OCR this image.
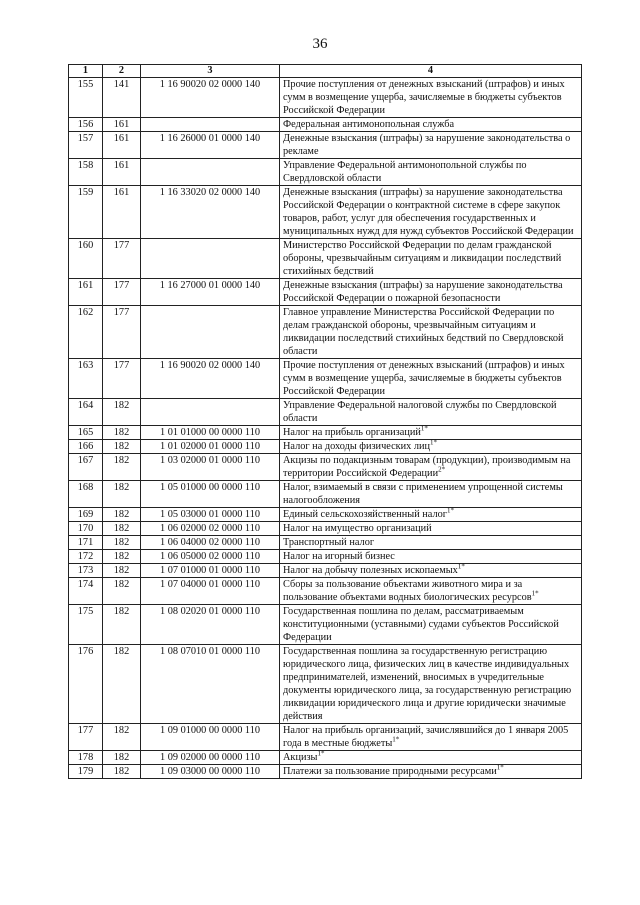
36
1	2	3	4
155	141	1 16 90020 02 0000 140	Прочие поступления от денежных взысканий (штрафов) и иных сумм в возмещение ущерба, зачисляемые в бюджеты субъектов Российской Федерации
156	161		Федеральная антимонопольная служба
157	161	1 16 26000 01 0000 140	Денежные взыскания (штрафы) за нарушение законодательства о рекламе
158	161		Управление Федеральной антимонопольной службы по Свердловской области
159	161	1 16 33020 02 0000 140	Денежные взыскания (штрафы) за нарушение законодательства Российской Федерации о контрактной системе в сфере закупок товаров, работ, услуг для обеспечения государственных и муниципальных нужд для нужд субъектов Российской Федерации
160	177		Министерство Российской Федерации по делам гражданской обороны, чрезвычайным ситуациям и ликвидации последствий стихийных бедствий
161	177	1 16 27000 01 0000 140	Денежные взыскания (штрафы) за нарушение законодательства Российской Федерации о пожарной безопасности
162	177		Главное управление Министерства Российской Федерации по делам гражданской обороны, чрезвычайным ситуациям и ликвидации последствий стихийных бедствий по Свердловской области
163	177	1 16 90020 02 0000 140	Прочие поступления от денежных взысканий (штрафов) и иных сумм в возмещение ущерба, зачисляемые в бюджеты субъектов Российской Федерации
164	182		Управление Федеральной налоговой службы по Свердловской области
165	182	1 01 01000 00 0000 110	Налог на прибыль организаций$^{1*}$
166	182	1 01 02000 01 0000 110	Налог на доходы физических лиц$^{1*}$
167	182	1 03 02000 01 0000 110	Акцизы по подакцизным товарам (продукции), производимым на территории Российской Федерации$^{2*}$
168	182	1 05 01000 00 0000 110	Налог, взимаемый в связи с применением упрощенной системы налогообложения
169	182	1 05 03000 01 0000 110	Единый сельскохозяйственный налог$^{1*}$
170	182	1 06 02000 02 0000 110	Налог на имущество организаций
171	182	1 06 04000 02 0000 110	Транспортный налог
172	182	1 06 05000 02 0000 110	Налог на игорный бизнес
173	182	1 07 01000 01 0000 110	Налог на добычу полезных ископаемых$^{1*}$
174	182	1 07 04000 01 0000 110	Сборы за пользование объектами животного мира и за пользование объектами водных биологических ресурсов$^{1*}$
175	182	1 08 02020 01 0000 110	Государственная пошлина по делам, рассматриваемым конституционными (уставными) судами субъектов Российской Федерации
176	182	1 08 07010 01 0000 110	Государственная пошлина за государственную регистрацию юридического лица, физических лиц в качестве индивидуальных предпринимателей, изменений, вносимых в учредительные документы юридического лица, за государственную регистрацию ликвидации юридического лица и другие юридически значимые действия
177	182	1 09 01000 00 0000 110	Налог на прибыль организаций, зачислявшийся до 1 января 2005 года в местные бюджеты$^{1*}$
178	182	1 09 02000 00 0000 110	Акцизы$^{1*}$
179	182	1 09 03000 00 0000 110	Платежи за пользование природными ресурсами$^{1*}$
